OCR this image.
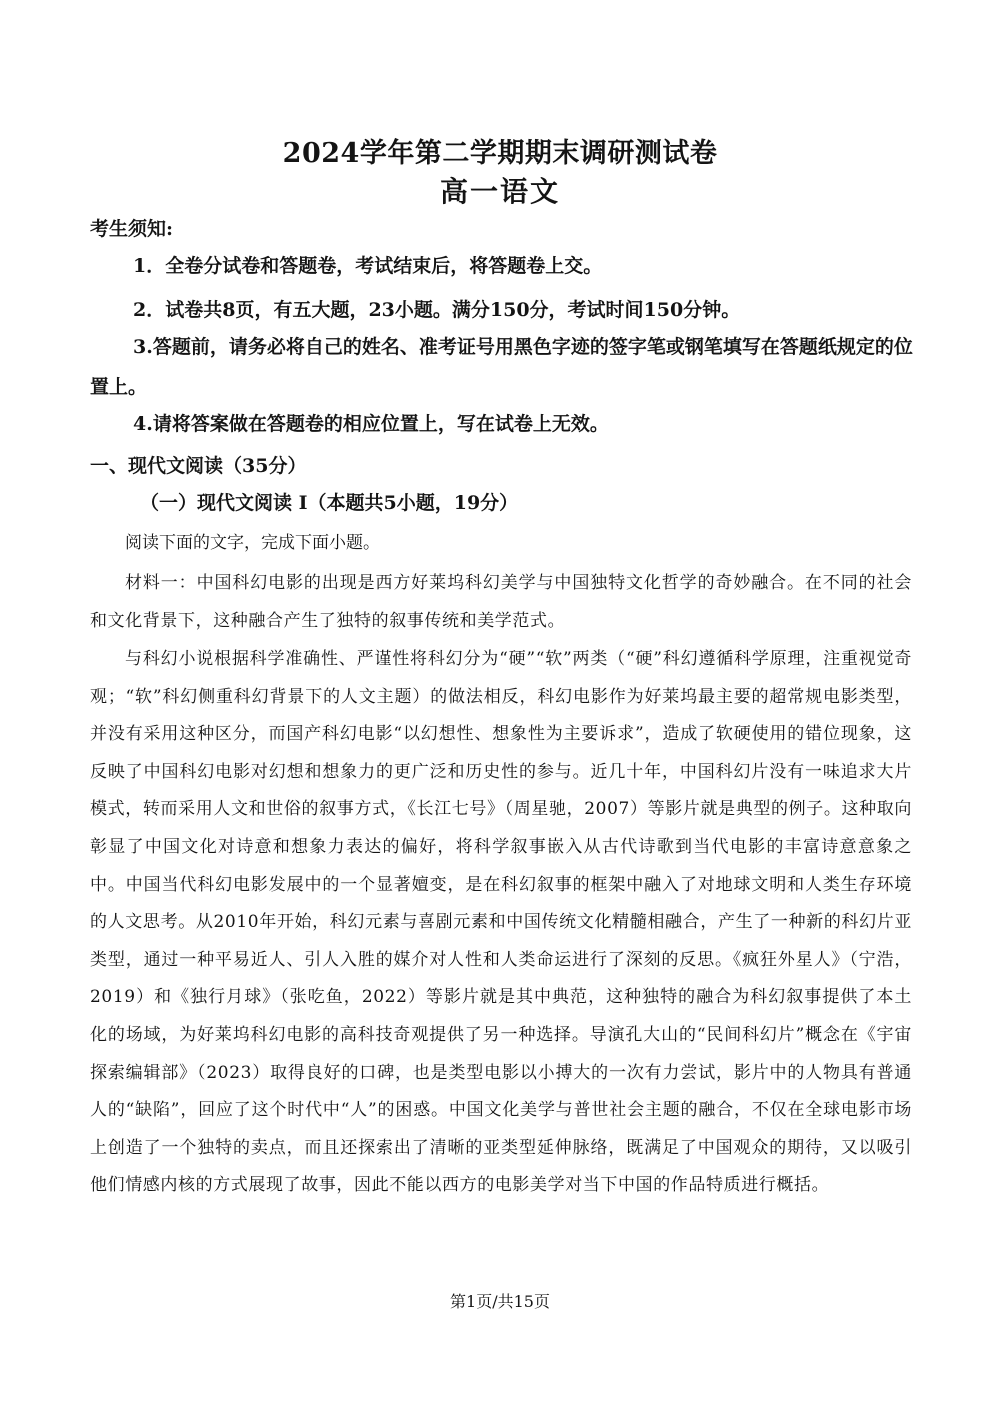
2024学年第二学期期末调研测试卷
高一语文
考生须知:
1．全卷分试卷和答题卷，考试结束后，将答题卷上交。
2．试卷共8页，有五大题，23小题。满分150分，考试时间150分钟。
3.答题前，请务必将自己的姓名、准考证号用黑色字迹的签字笔或钢笔填写在答题纸规定的位置上。
4.请将答案做在答题卷的相应位置上，写在试卷上无效。
一、现代文阅读（35分）
（一）现代文阅读 I（本题共5小题，19分）
阅读下面的文字，完成下面小题。
材料一：中国科幻电影的出现是西方好莱坞科幻美学与中国独特文化哲学的奇妙融合。在不同的社会和文化背景下，这种融合产生了独特的叙事传统和美学范式。
与科幻小说根据科学准确性、严谨性将科幻分为“硬”“软”两类（“硬”科幻遵循科学原理，注重视觉奇观；“软”科幻侧重科幻背景下的人文主题）的做法相反，科幻电影作为好莱坞最主要的超常规电影类型，并没有采用这种区分，而国产科幻电影“以幻想性、想象性为主要诉求”，造成了软硬使用的错位现象，这反映了中国科幻电影对幻想和想象力的更广泛和历史性的参与。近几十年，中国科幻片没有一味追求大片模式，转而采用人文和世俗的叙事方式，《长江七号》（周星驰，2007）等影片就是典型的例子。这种取向彰显了中国文化对诗意和想象力表达的偏好，将科学叙事嵌入从古代诗歌到当代电影的丰富诗意意象之中。中国当代科幻电影发展中的一个显著嬗变，是在科幻叙事的框架中融入了对地球文明和人类生存环境的人文思考。从2010年开始，科幻元素与喜剧元素和中国传统文化精髓相融合，产生了一种新的科幻片亚类型，通过一种平易近人、引人入胜的媒介对人性和人类命运进行了深刻的反思。《疯狂外星人》（宁浩，2019）和《独行月球》（张吃鱼，2022）等影片就是其中典范，这种独特的融合为科幻叙事提供了本土化的场域，为好莱坞科幻电影的高科技奇观提供了另一种选择。导演孔大山的“民间科幻片”概念在《宇宙探索编辑部》（2023）取得良好的口碑，也是类型电影以小搏大的一次有力尝试，影片中的人物具有普通人的“缺陷”，回应了这个时代中“人”的困惑。中国文化美学与普世社会主题的融合，不仅在全球电影市场上创造了一个独特的卖点，而且还探索出了清晰的亚类型延伸脉络，既满足了中国观众的期待，又以吸引他们情感内核的方式展现了故事，因此不能以西方的电影美学对当下中国的作品特质进行概括。
第1页/共15页
